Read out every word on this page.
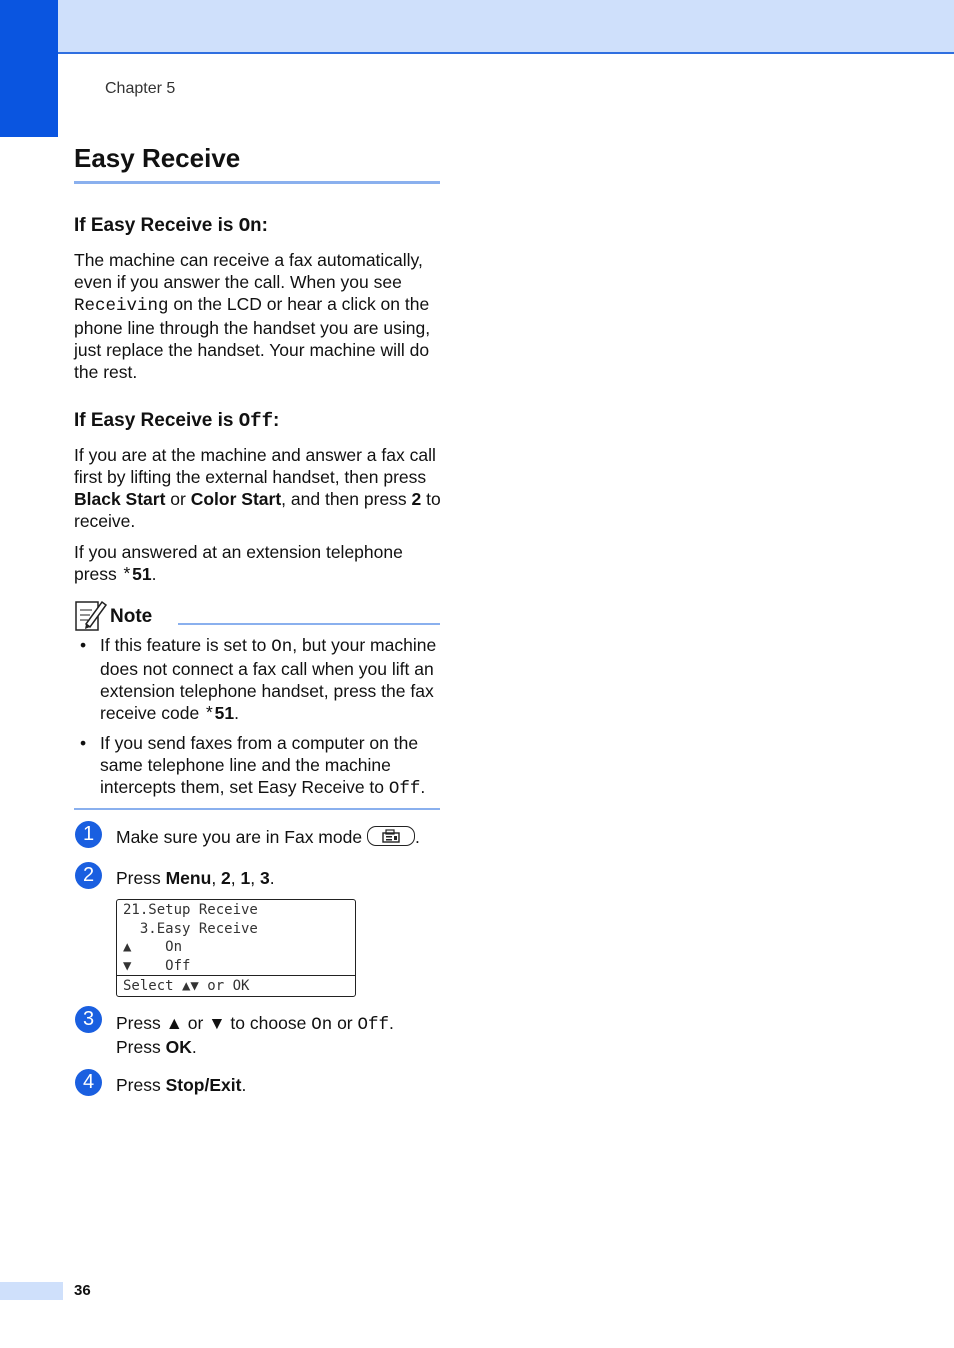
Chapter 5
Easy Receive
If Easy Receive is On:

The machine can receive a fax automatically, even if you answer the call. When you see Receiving on the LCD or hear a click on the phone line through the handset you are using, just replace the handset. Your machine will do the rest.

If Easy Receive is Off:

If you are at the machine and answer a fax call first by lifting the external handset, then press Black Start or Color Start, and then press 2 to receive.

If you answered at an extension telephone press *51.

Note
• If this feature is set to On, but your machine does not connect a fax call when you lift an extension telephone handset, press the fax receive code *51.
• If you send faxes from a computer on the same telephone line and the machine intercepts them, set Easy Receive to Off.
1	Make sure you are in Fax mode	.
2	Press Menu, 2, 1, 3.
21.Setup Receive
3.Easy Receive
▲    On
▼    Off
Select ▲▼ or OK
3	Press ▲ or ▼ to choose On or Off.
Press OK.
4	Press Stop/Exit.
36
